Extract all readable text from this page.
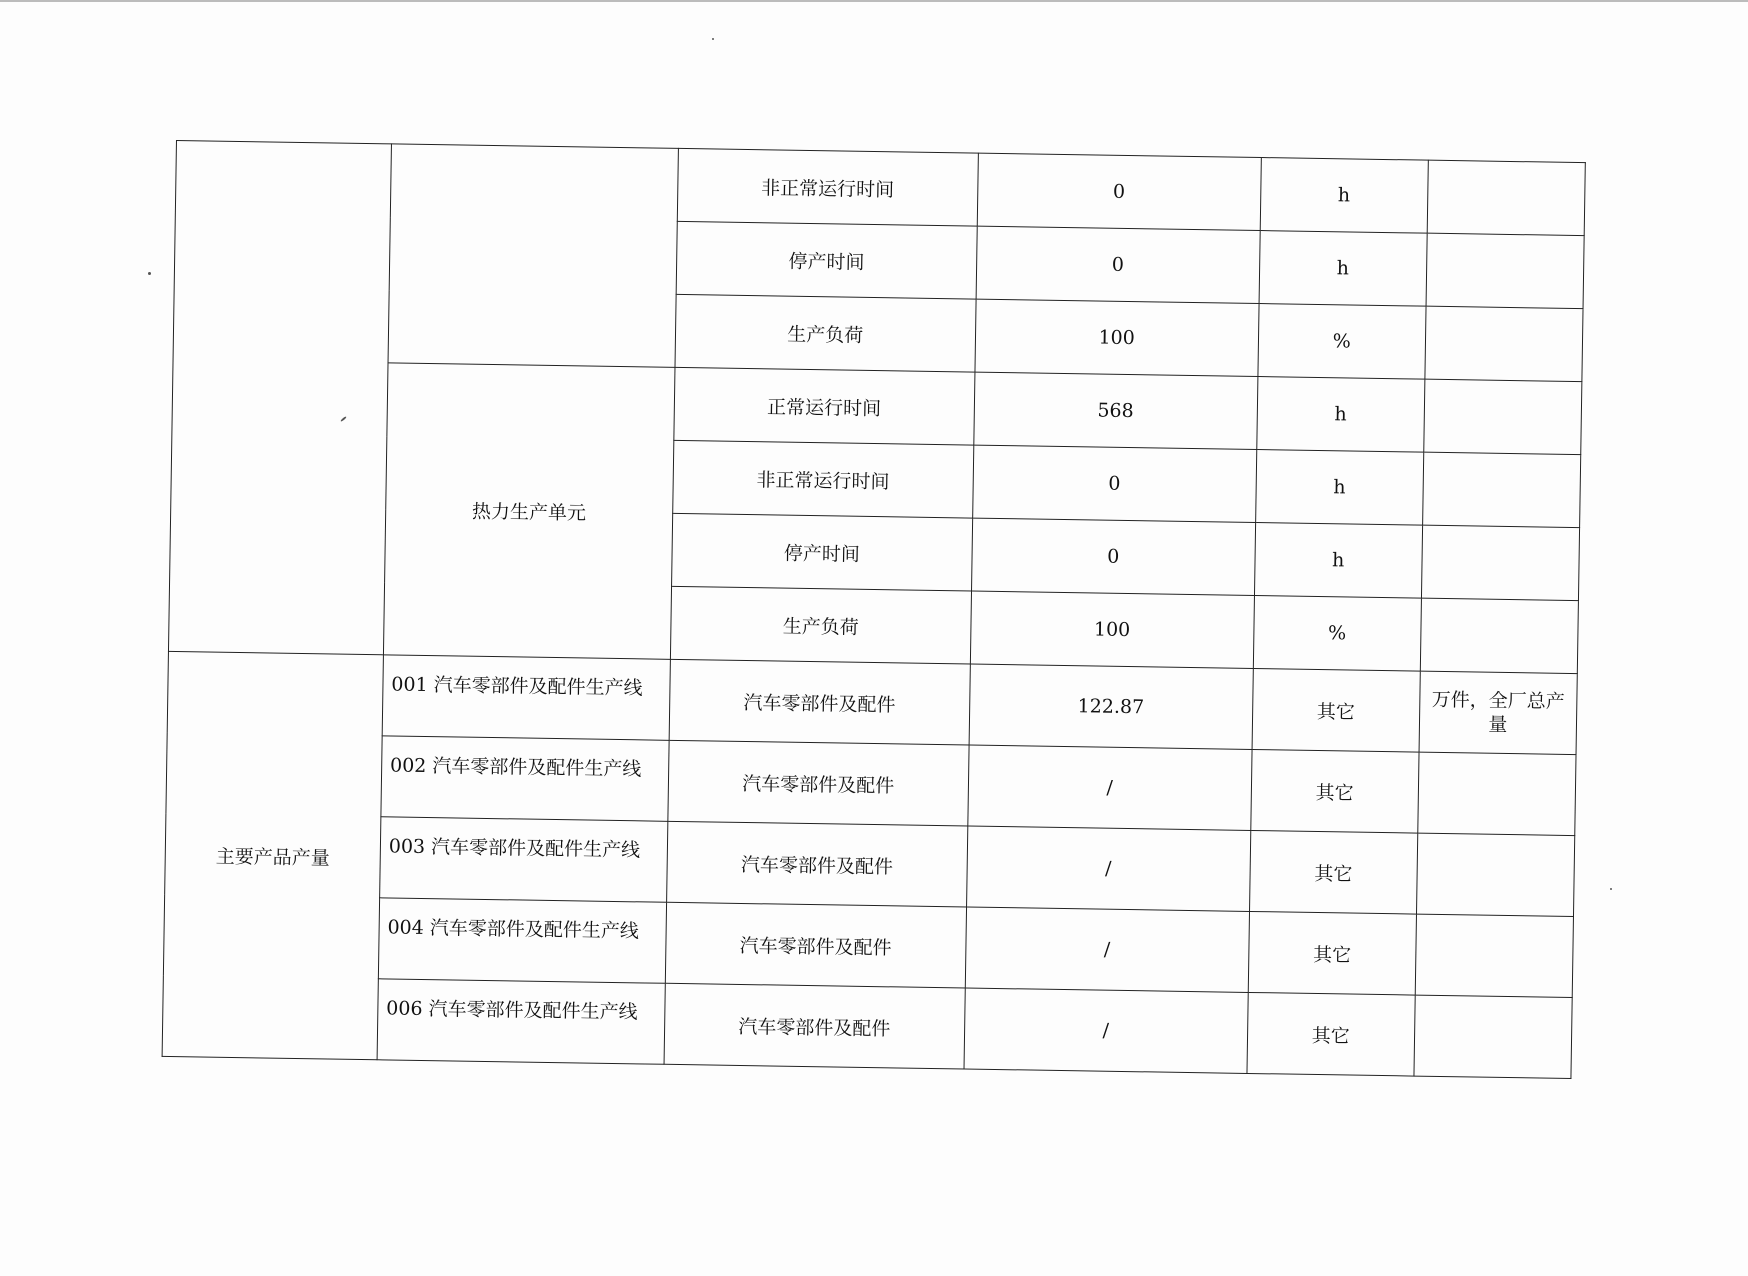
		非正常运行时间	0	h	
		停产时间	0	h	
		生产负荷	100	%	
	热力生产单元	正常运行时间	568	h	
		非正常运行时间	0	h	
		停产时间	0	h	
		生产负荷	100	%	
主要产品产量	001 汽车零部件及配件生产线	汽车零部件及配件	122.87	其它	万件，全厂总产量
	002 汽车零部件及配件生产线	汽车零部件及配件	/	其它	
	003 汽车零部件及配件生产线	汽车零部件及配件	/	其它	
	004 汽车零部件及配件生产线	汽车零部件及配件	/	其它	
	006 汽车零部件及配件生产线	汽车零部件及配件	/	其它	
